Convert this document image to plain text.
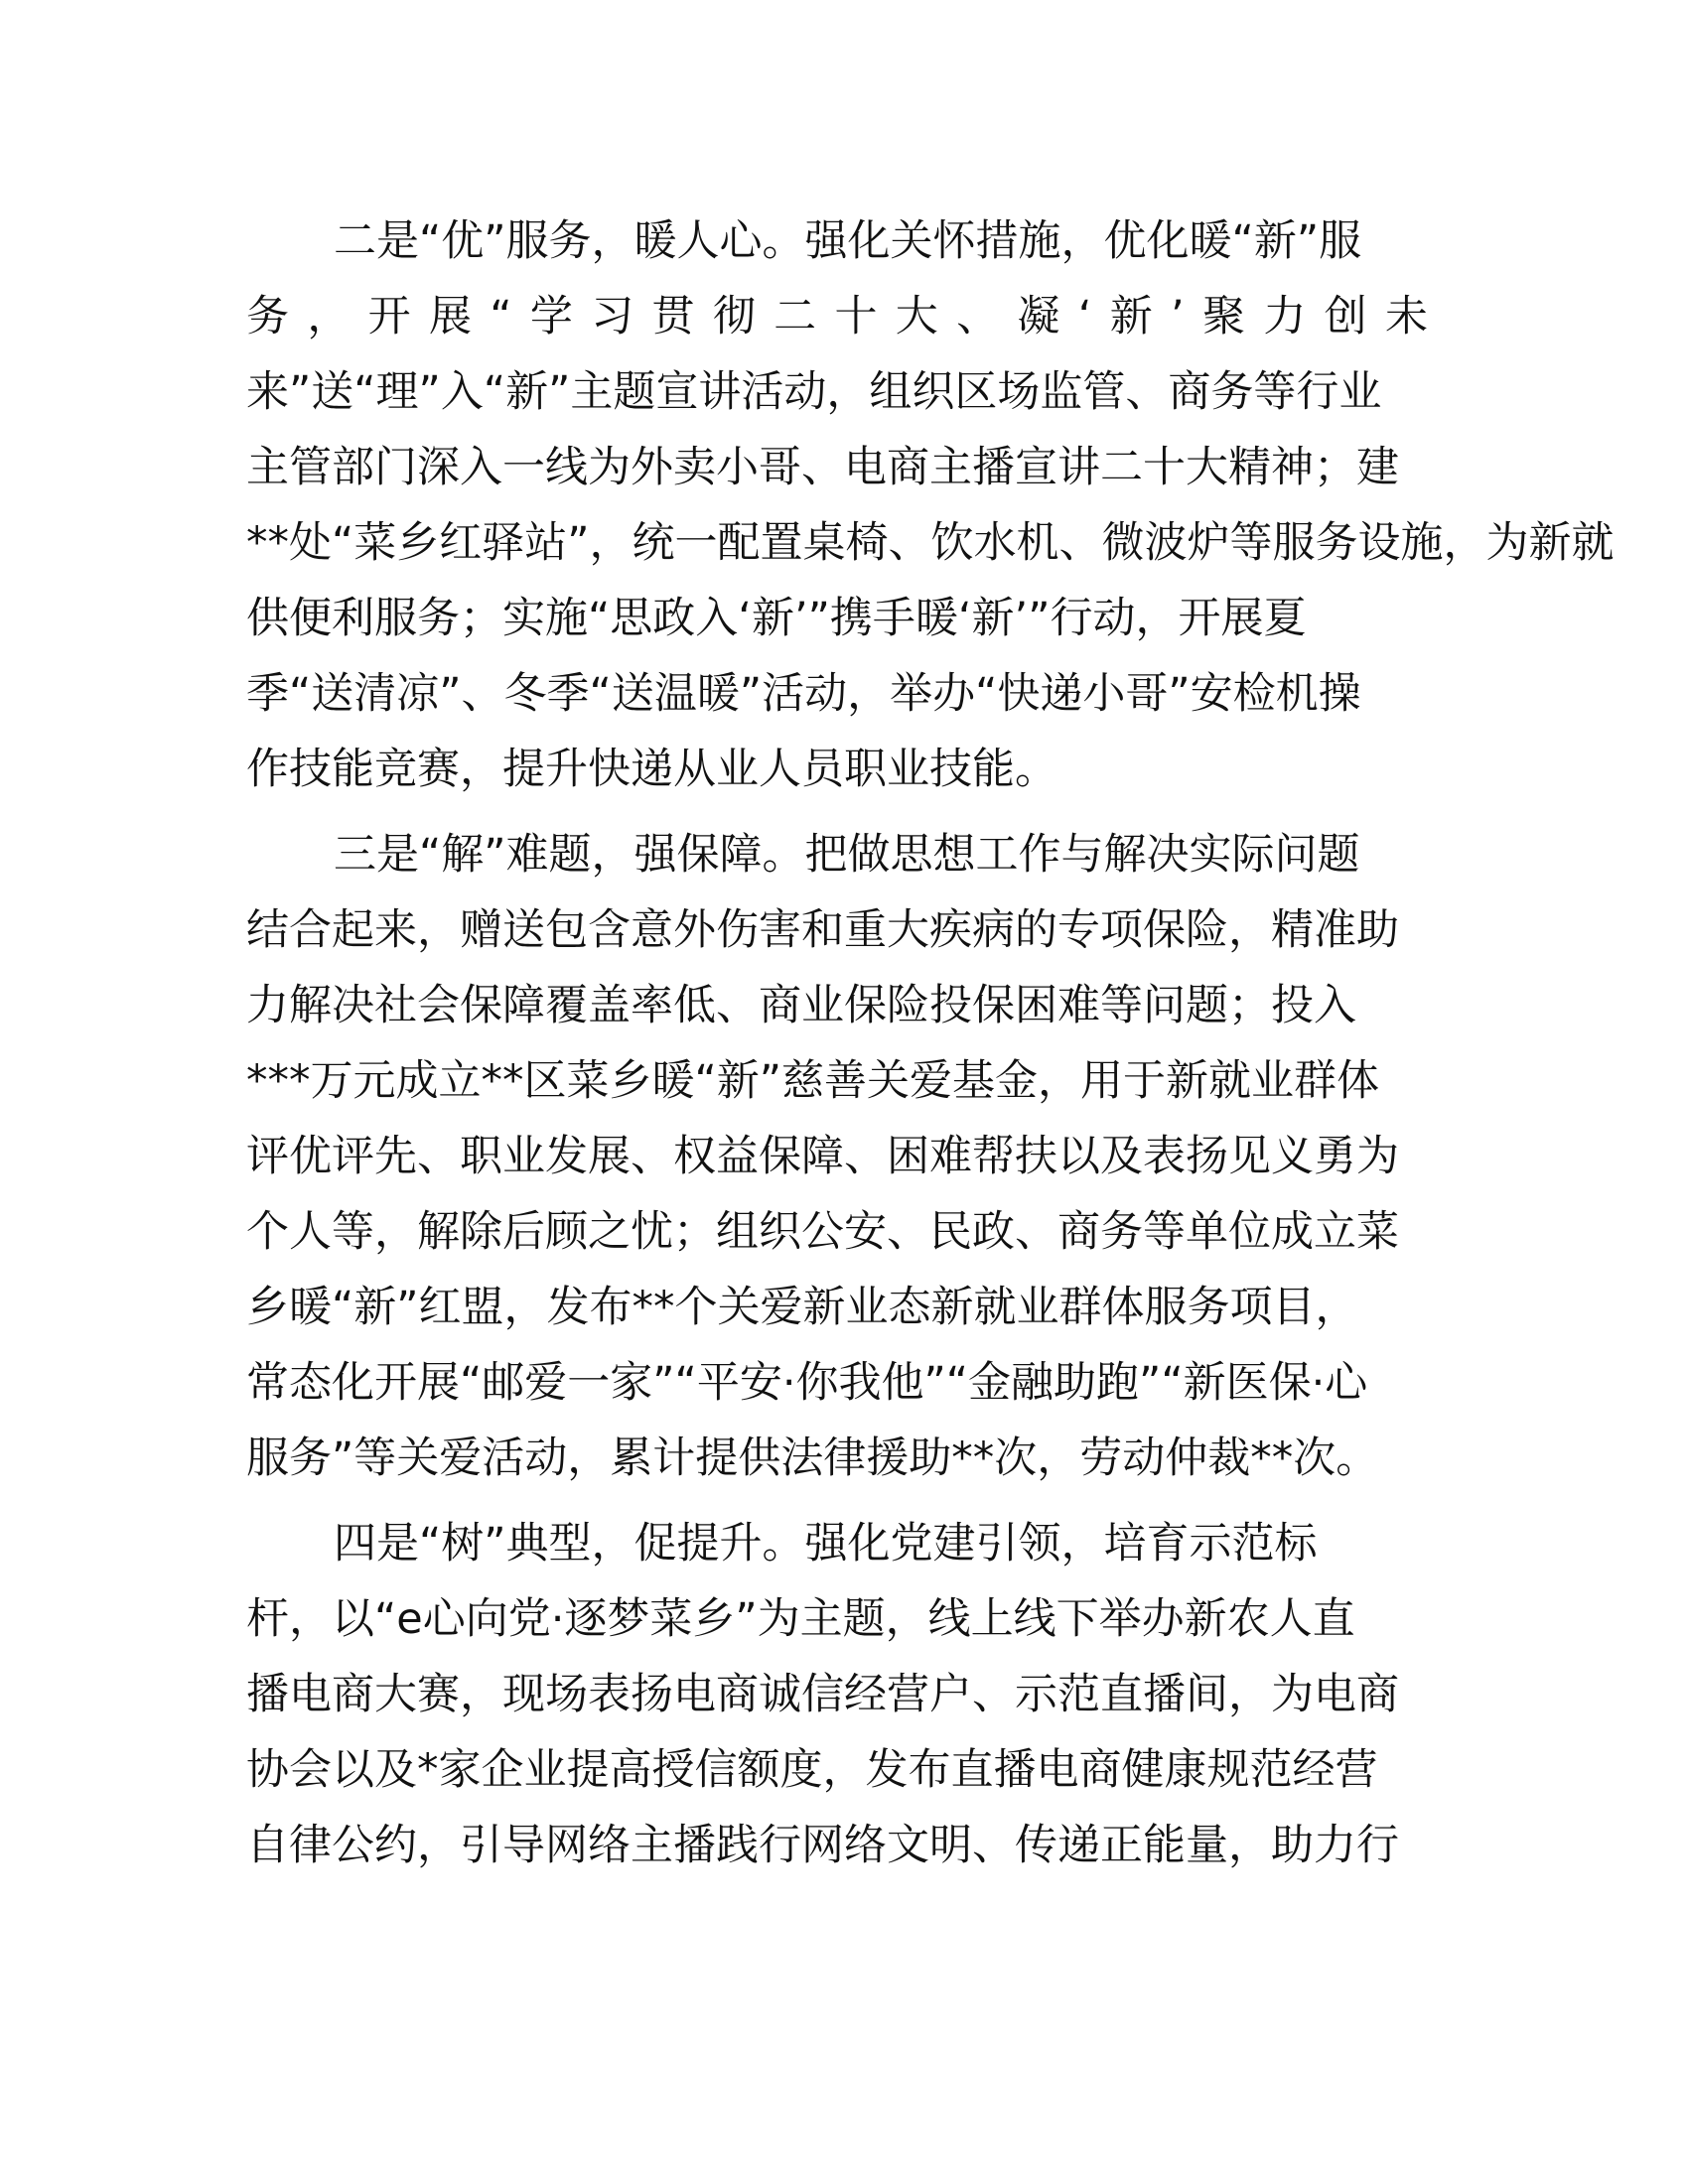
二是“优”服务，暖人心。强化关怀措施，优化暖“新”服
务，开展“学习贯彻二十大、凝‘新’聚力创未
来”送“理”入“新”主题宣讲活动，组织区场监管、商务等行业
主管部门深入一线为外卖小哥、电商主播宣讲二十大精神；建
**处“菜乡红驿站”，统一配置桌椅、饮水机、微波炉等服务设施，为新就
供便利服务；实施“思政入‘新’”携手暖‘新’”行动，开展夏
季“送清凉”、冬季“送温暖”活动，举办“快递小哥”安检机操
作技能竞赛，提升快递从业人员职业技能。
三是“解”难题，强保障。把做思想工作与解决实际问题
结合起来，赠送包含意外伤害和重大疾病的专项保险，精准助
力解决社会保障覆盖率低、商业保险投保困难等问题；投入
***万元成立**区菜乡暖“新”慈善关爱基金，用于新就业群体
评优评先、职业发展、权益保障、困难帮扶以及表扬见义勇为
个人等，解除后顾之忧；组织公安、民政、商务等单位成立菜
乡暖“新”红盟，发布**个关爱新业态新就业群体服务项目，
常态化开展“邮爱一家”“平安·你我他”“金融助跑”“新医保·心
服务”等关爱活动，累计提供法律援助**次，劳动仲裁**次。
四是“树”典型，促提升。强化党建引领，培育示范标
杆，以“e心向党·逐梦菜乡”为主题，线上线下举办新农人直
播电商大赛，现场表扬电商诚信经营户、示范直播间，为电商
协会以及*家企业提高授信额度，发布直播电商健康规范经营
自律公约，引导网络主播践行网络文明、传递正能量，助力行
